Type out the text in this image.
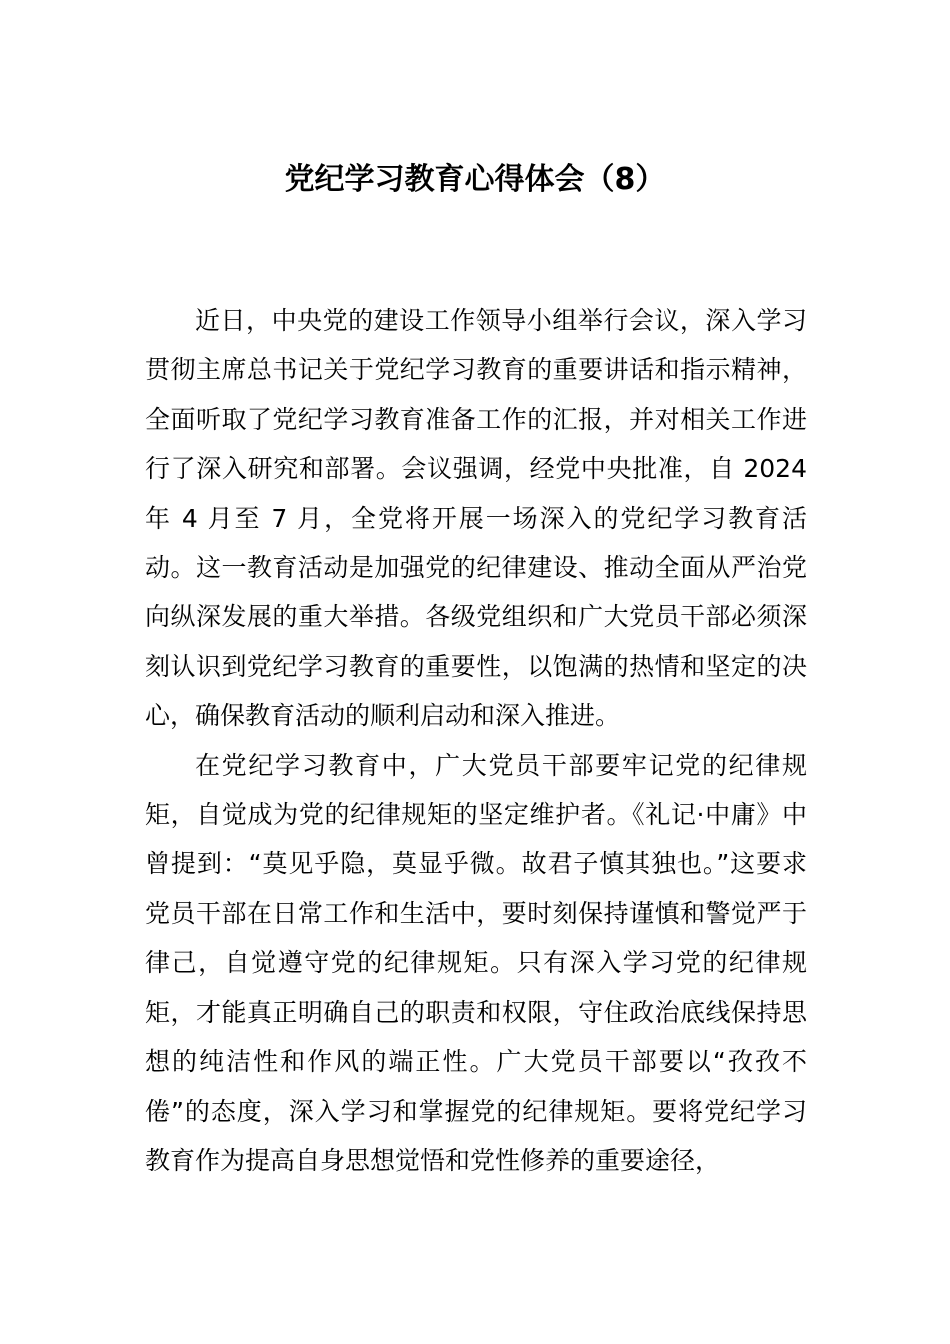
党纪学习教育心得体会（8）

近日，中央党的建设工作领导小组举行会议，深入学习贯彻主席总书记关于党纪学习教育的重要讲话和指示精神，全面听取了党纪学习教育准备工作的汇报，并对相关工作进行了深入研究和部署。会议强调，经党中央批准，自 2024 年 4 月至 7 月，全党将开展一场深入的党纪学习教育活动。这一教育活动是加强党的纪律建设、推动全面从严治党向纵深发展的重大举措。各级党组织和广大党员干部必须深刻认识到党纪学习教育的重要性，以饱满的热情和坚定的决心，确保教育活动的顺利启动和深入推进。

在党纪学习教育中，广大党员干部要牢记党的纪律规矩，自觉成为党的纪律规矩的坚定维护者。《礼记·中庸》中曾提到：“莫见乎隐，莫显乎微。故君子慎其独也。”这要求党员干部在日常工作和生活中，要时刻保持谨慎和警觉严于律己，自觉遵守党的纪律规矩。只有深入学习党的纪律规矩，才能真正明确自己的职责和权限，守住政治底线保持思想的纯洁性和作风的端正性。广大党员干部要以“孜孜不倦”的态度，深入学习和掌握党的纪律规矩。要将党纪学习教育作为提高自身思想觉悟和党性修养的重要途径，
